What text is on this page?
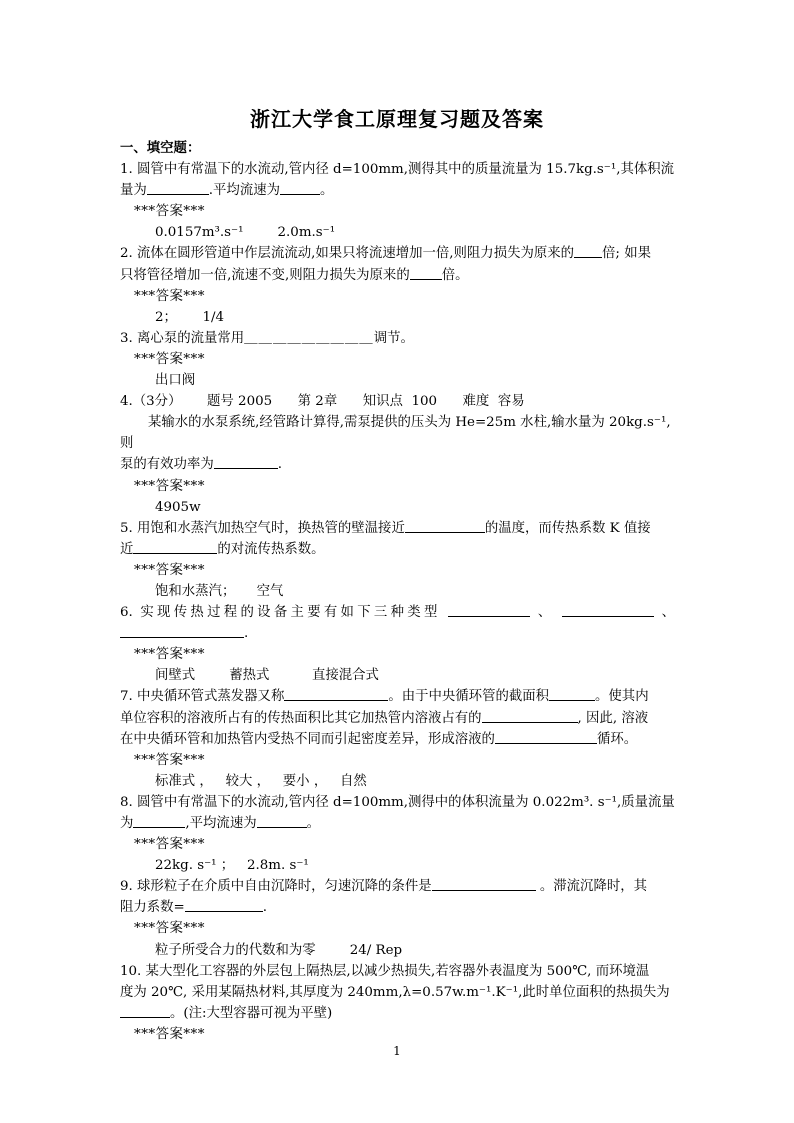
浙江大学食工原理复习题及答案

一、填空题：

1. 圆管中有常温下的水流动,管内径 d=100mm,测得其中的质量流量为 15.7kg.s⁻¹,其体积流

量为	.平均流速为	。

***答案***

0.0157m³.s⁻¹        2.0m.s⁻¹

2. 流体在圆形管道中作层流流动,如果只将流速增加一倍,则阻力损失为原来的 倍; 如果

只将管径增加一倍,流速不变,则阻力损失为原来的 倍。

***答案***

2；      1/4

3. 离心泵的流量常用＿＿＿＿＿＿＿＿＿调节。

***答案***

出口阀

4.（3分）      题号 2005      第 2章      知识点  100      难度  容易

某输水的水泵系统,经管路计算得,需泵提供的压头为 He=25m 水柱,输水量为 20kg.s⁻¹,则

泵的有效功率为	.

***答案***

4905w

5. 用饱和水蒸汽加热空气时，换热管的壁温接近	的温度，而传热系数 K 值接

近	的对流传热系数。

***答案***

饱和水蒸汽；     空气

6. 实现传热过程的设备主要有如下三种类型	、	、

.

***答案***

间壁式        蓄热式          直接混合式

7. 中央循环管式蒸发器又称	。由于中央循环管的截面积	。使其内

单位容积的溶液所占有的传热面积比其它加热管内溶液占有的	, 因此, 溶液

在中央循环管和加热管内受热不同而引起密度差异，形成溶液的	循环。

***答案***

标准式 ，   较大 ，   要小 ，   自然

8. 圆管中有常温下的水流动,管内径 d=100mm,测得中的体积流量为 0.022m³. s⁻¹,质量流量

为	,平均流速为	。

***答案***

22kg. s⁻¹ ；   2.8m. s⁻¹

9. 球形粒子在介质中自由沉降时，匀速沉降的条件是	。滞流沉降时，其

阻力系数=	.

***答案***

粒子所受合力的代数和为零        24/ Rep

10. 某大型化工容器的外层包上隔热层,以减少热损失,若容器外表温度为 500℃, 而环境温

度为 20℃, 采用某隔热材料,其厚度为 240mm,λ=0.57w.m⁻¹.K⁻¹,此时单位面积的热损失为

。(注:大型容器可视为平壁)

***答案***

1
